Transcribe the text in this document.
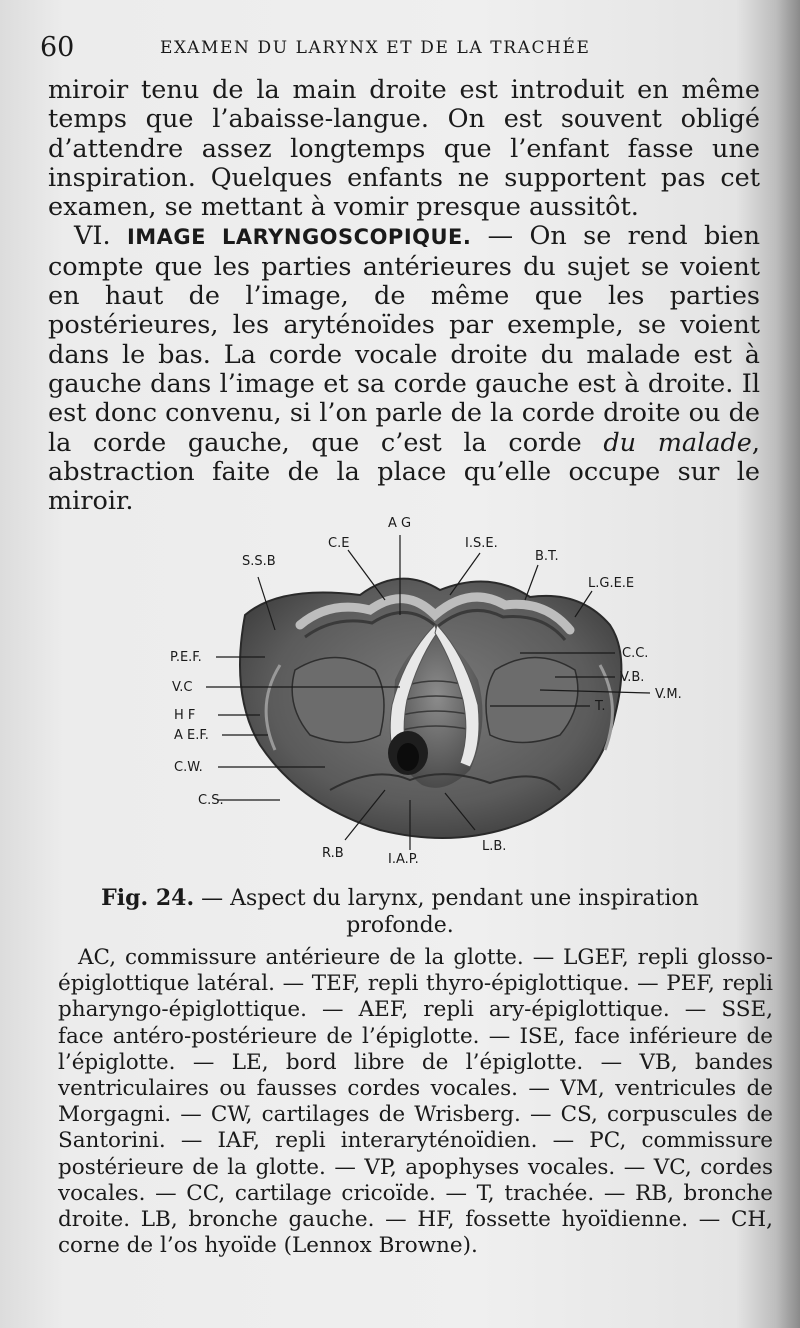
60	EXAMEN DU LARYNX ET DE LA TRACHÉE

miroir tenu de la main droite est introduit en même temps que l’abaisse-langue. On est souvent obligé d’attendre assez longtemps que l’enfant fasse une inspiration. Quelques enfants ne supportent pas cet examen, se mettant à vomir presque aussitôt.

VI. IMAGE LARYNGOSCOPIQUE. — On se rend bien compte que les parties antérieures du sujet se voient en haut de l’image, de même que les parties postérieures, les aryténoïdes par exemple, se voient dans le bas. La corde vocale droite du malade est à gauche dans l’image et sa corde gauche est à droite. Il est donc convenu, si l’on parle de la corde droite ou de la corde gauche, que c’est la corde du malade, abstraction faite de la place qu’elle occupe sur le miroir.

A G
C.E	I.S.E.
S.S.B	B.T.
L.G.E.E
P.E.F.	C.C.
V.C
V.B.
V.M.
H F
T.
A E.F.
C.W.
C.S.
R.B	I.A.P.
L.B.
Fig. 24. — Aspect du larynx, pendant une inspiration profonde.

AC, commissure antérieure de la glotte. — LGEF, repli glosso-épiglottique latéral. — TEF, repli thyro-épiglottique. — PEF, repli pharyngo-épiglottique. — AEF, repli ary-épiglottique. — SSE, face antéro-postérieure de l’épiglotte. — ISE, face inférieure de l’épiglotte. — LE, bord libre de l’épiglotte. — VB, bandes ventriculaires ou fausses cordes vocales. — VM, ventricules de Morgagni. — CW, cartilages de Wrisberg. — CS, corpuscules de Santorini. — IAF, repli interaryténoïdien. — PC, commissure postérieure de la glotte. — VP, apophyses vocales. — VC, cordes vocales. — CC, cartilage cricoïde. — T, trachée. — RB, bronche droite. LB, bronche gauche. — HF, fossette hyoïdienne. — CH, corne de l’os hyoïde (Lennox Browne).
